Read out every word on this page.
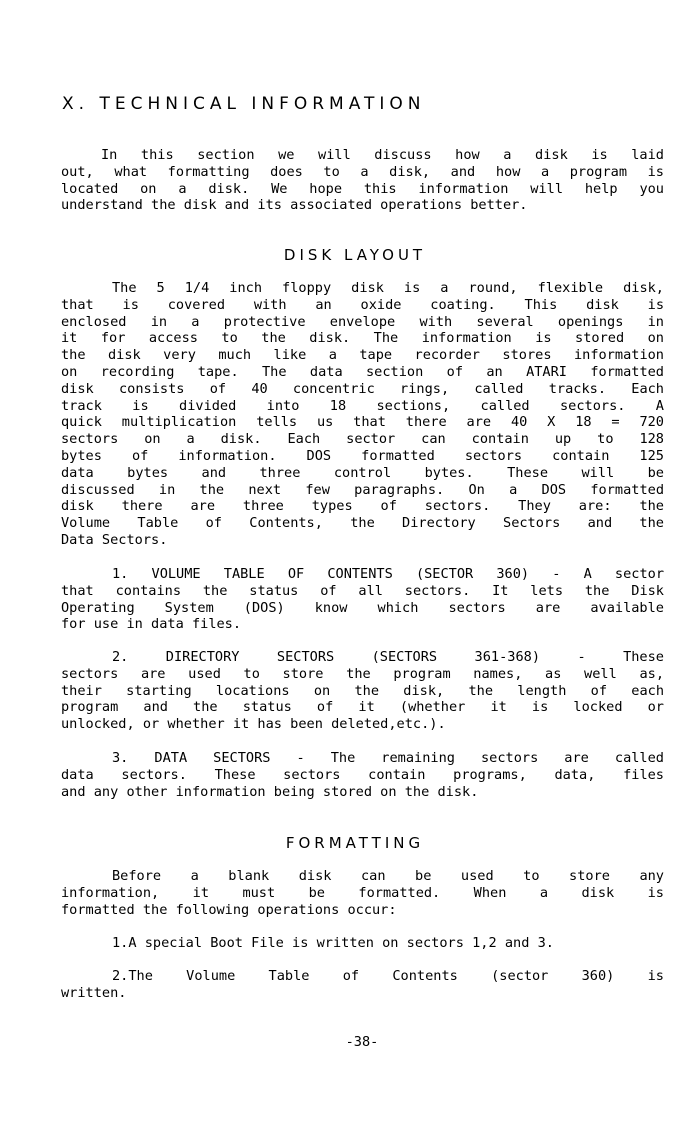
X. TECHNICAL INFORMATION
In this section we will discuss how a disk is laid
out, what formatting does to a disk, and how a program is
located on a disk. We hope this information will help you
understand the disk and its associated operations better.
DISK LAYOUT
The 5 1/4 inch floppy disk is a round, flexible disk,
that is covered with an oxide coating. This disk is
enclosed in a protective envelope with several openings in
it for access to the disk. The information is stored on
the disk very much like a tape recorder stores information
on recording tape. The data section of an ATARI formatted
disk consists of 40 concentric rings, called tracks. Each
track is divided into 18 sections, called sectors. A
quick multiplication tells us that there are 40 X 18 = 720
sectors on a disk. Each sector can contain up to 128
bytes of information. DOS formatted sectors contain 125
data bytes and three control bytes. These will be
discussed in the next few paragraphs. On a DOS formatted
disk there are three types of sectors. They are: the
Volume Table of Contents, the Directory Sectors and the
Data Sectors.
1. VOLUME TABLE OF CONTENTS (SECTOR 360) - A sector
that contains the status of all sectors. It lets the Disk
Operating System (DOS) know which sectors are available
for use in data files.
2. DIRECTORY SECTORS (SECTORS 361-368) - These
sectors are used to store the program names, as well as,
their starting locations on the disk, the length of each
program and the status of it (whether it is locked or
unlocked, or whether it has been deleted,etc.).
3. DATA SECTORS - The remaining sectors are called
data sectors. These sectors contain programs, data, files
and any other information being stored on the disk.
FORMATTING
Before a blank disk can be used to store any
information, it must be formatted. When a disk is
formatted the following operations occur:
1.A special Boot File is written on sectors 1,2 and 3.
2.The Volume Table of Contents (sector 360) is
written.

-38-
